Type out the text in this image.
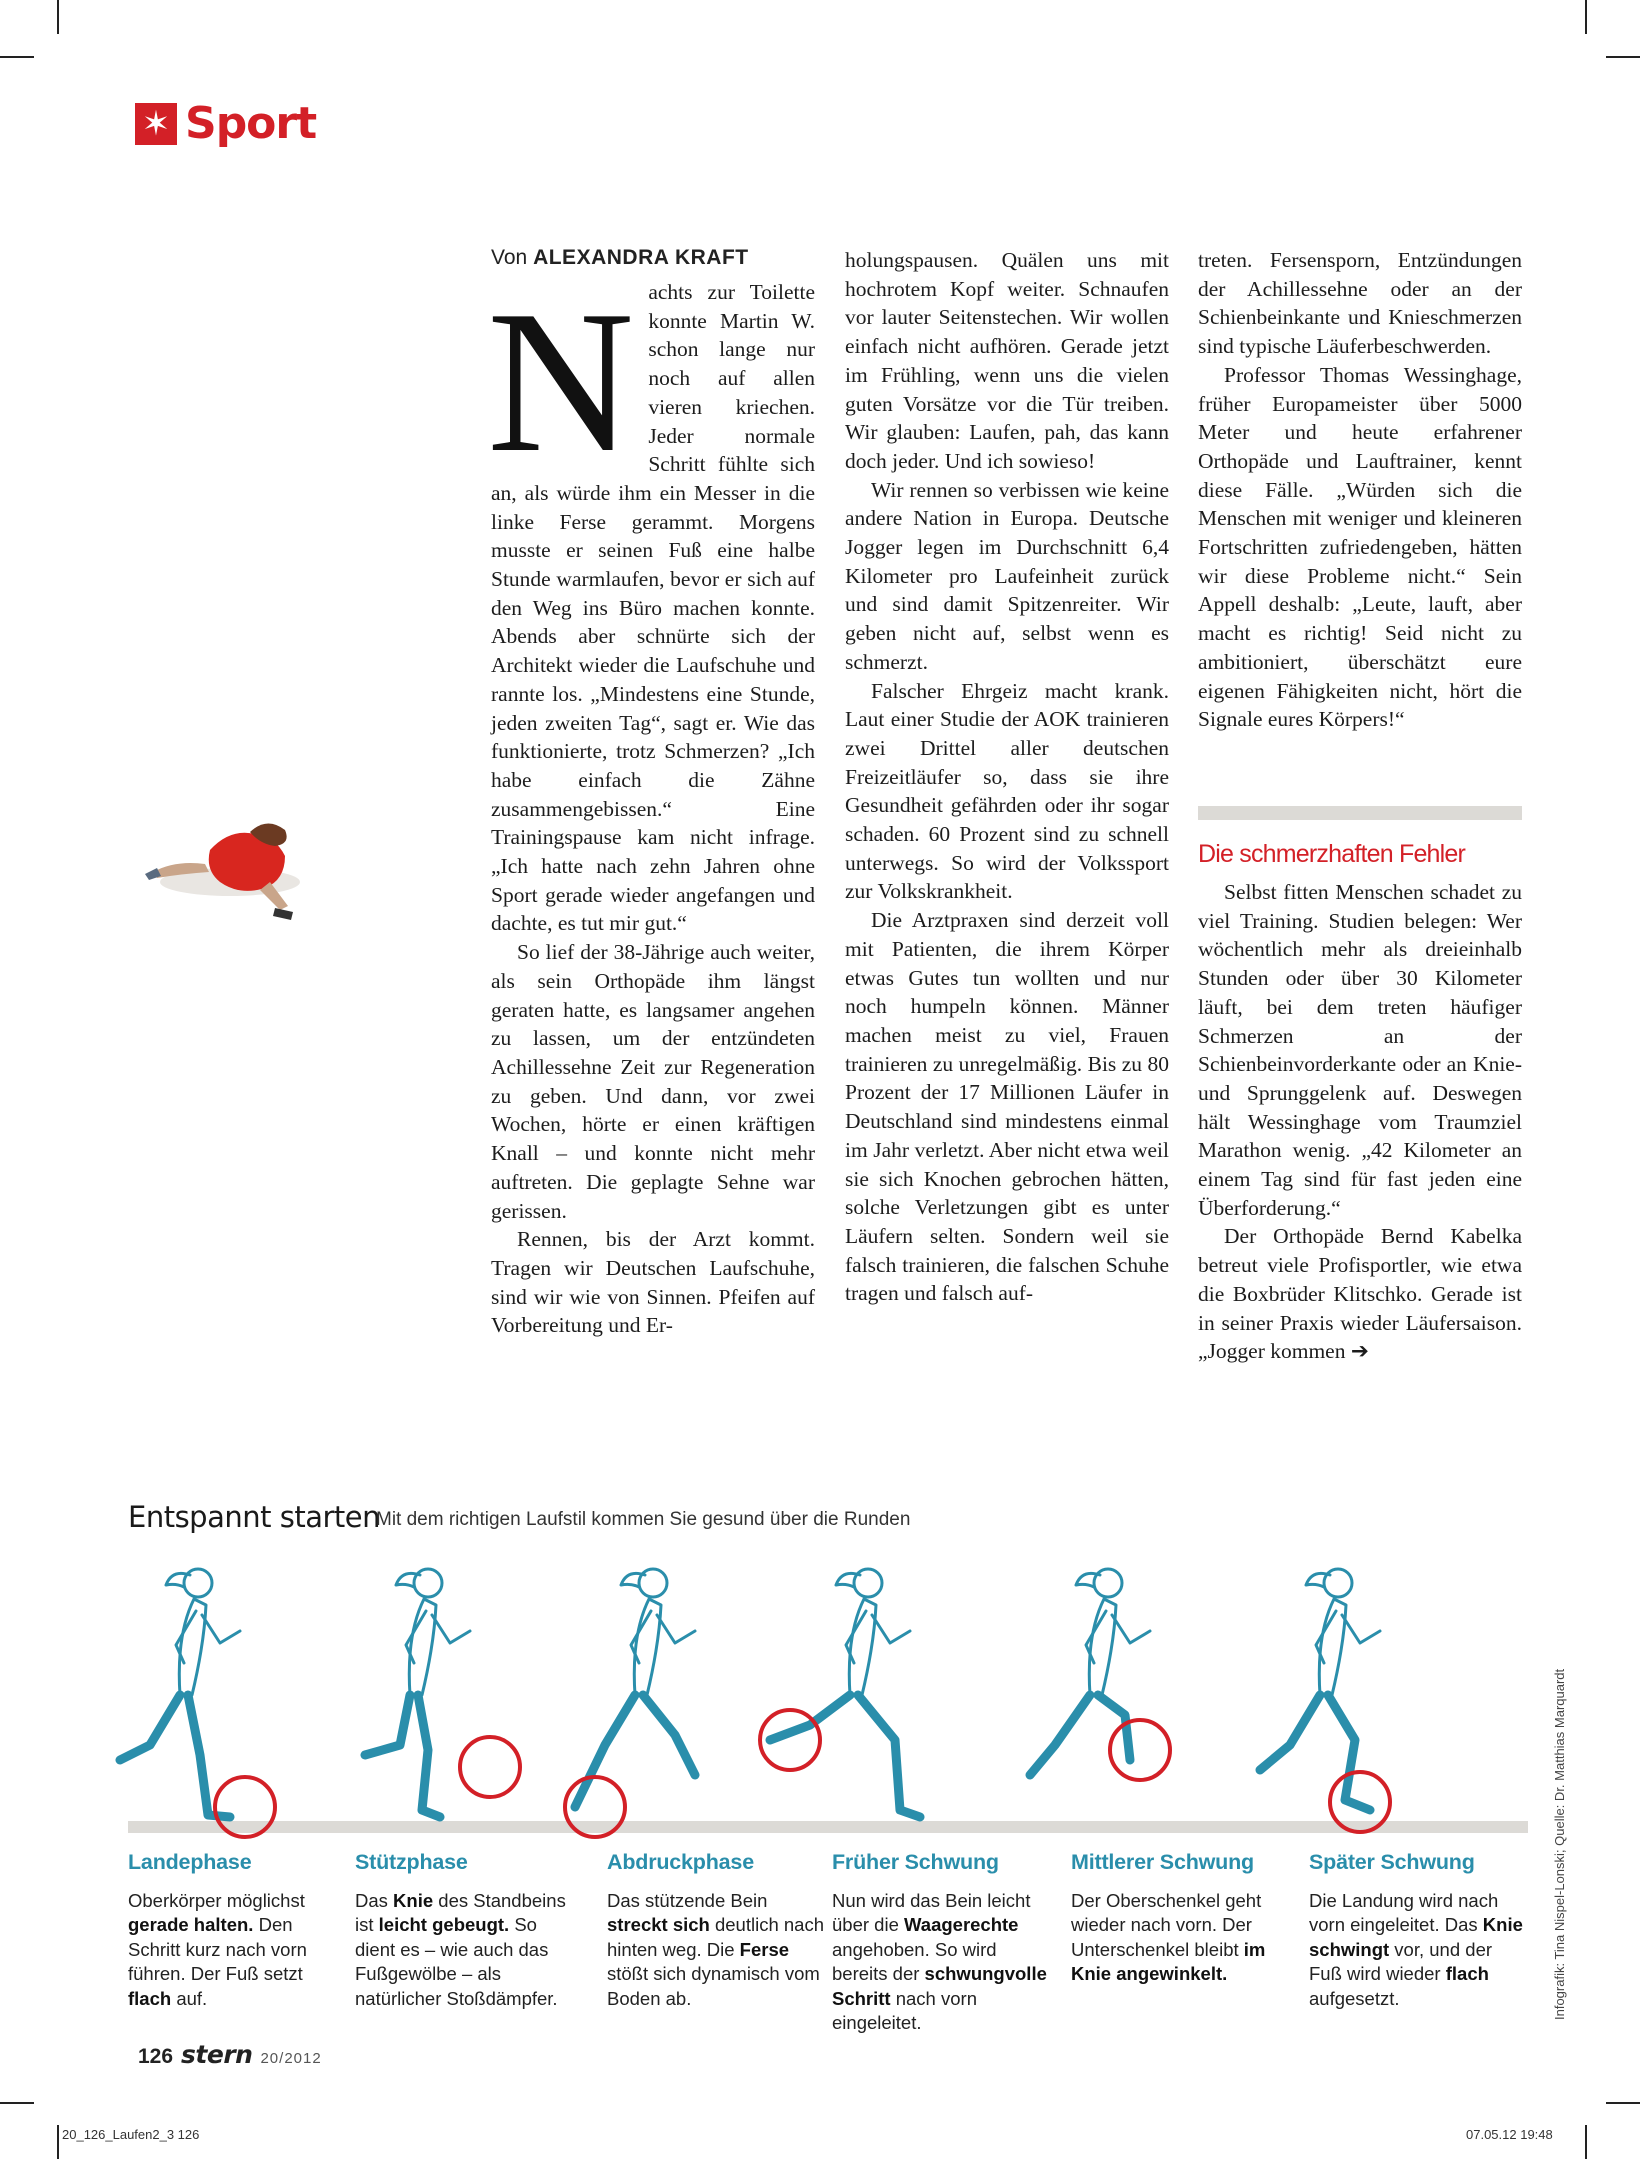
✶ Sport
Von ALEXANDRA KRAFT
N achts zur Toilette konnte Martin W. schon lange nur noch auf allen vieren kriechen. Jeder normale Schritt fühlte sich an, als würde ihm ein Messer in die linke Ferse gerammt. Morgens musste er seinen Fuß eine halbe Stunde warmlaufen, bevor er sich auf den Weg ins Büro machen konnte. Abends aber schnürte sich der Architekt wieder die Laufschuhe und rannte los. „Mindestens eine Stunde, jeden zweiten Tag“, sagt er. Wie das funktionierte, trotz Schmerzen? „Ich habe einfach die Zähne zusammengebissen.“ Eine Trainingspause kam nicht infrage. „Ich hatte nach zehn Jahren ohne Sport gerade wieder angefangen und dachte, es tut mir gut.“

So lief der 38-Jährige auch weiter, als sein Orthopäde ihm längst geraten hatte, es langsamer angehen zu lassen, um der entzündeten Achillessehne Zeit zur Regeneration zu geben. Und dann, vor zwei Wochen, hörte er einen kräftigen Knall – und konnte nicht mehr auftreten. Die geplagte Sehne war gerissen.

Rennen, bis der Arzt kommt. Tragen wir Deutschen Laufschuhe, sind wir wie von Sinnen. Pfeifen auf Vorbereitung und Er-

holungspausen. Quälen uns mit hochrotem Kopf weiter. Schnaufen vor lauter Seitenstechen. Wir wollen einfach nicht aufhören. Gerade jetzt im Frühling, wenn uns die vielen guten Vorsätze vor die Tür treiben. Wir glauben: Laufen, pah, das kann doch jeder. Und ich sowieso!

Wir rennen so verbissen wie keine andere Nation in Europa. Deutsche Jogger legen im Durchschnitt 6,4 Kilometer pro Laufeinheit zurück und sind damit Spitzenreiter. Wir geben nicht auf, selbst wenn es schmerzt.

Falscher Ehrgeiz macht krank. Laut einer Studie der AOK trainieren zwei Drittel aller deutschen Freizeitläufer so, dass sie ihre Gesundheit gefährden oder ihr sogar schaden. 60 Prozent sind zu schnell unterwegs. So wird der Volkssport zur Volkskrankheit.

Die Arztpraxen sind derzeit voll mit Patienten, die ihrem Körper etwas Gutes tun wollten und nur noch humpeln können. Männer machen meist zu viel, Frauen trainieren zu unregelmäßig. Bis zu 80 Prozent der 17 Millionen Läufer in Deutschland sind mindestens einmal im Jahr verletzt. Aber nicht etwa weil sie sich Knochen gebrochen hätten, solche Verletzungen gibt es unter Läufern selten. Sondern weil sie falsch trainieren, die falschen Schuhe tragen und falsch auf-

treten. Fersensporn, Entzündungen der Achillessehne oder an der Schienbeinkante und Knieschmerzen sind typische Läuferbeschwerden.

Professor Thomas Wessinghage, früher Europameister über 5000 Meter und heute erfahrener Orthopäde und Lauftrainer, kennt diese Fälle. „Würden sich die Menschen mit weniger und kleineren Fortschritten zufriedengeben, hätten wir diese Probleme nicht.“ Sein Appell deshalb: „Leute, lauft, aber macht es richtig! Seid nicht zu ambitioniert, überschätzt eure eigenen Fähigkeiten nicht, hört die Signale eures Körpers!“

Die schmerzhaften Fehler

Selbst fitten Menschen schadet zu viel Training. Studien belegen: Wer wöchentlich mehr als dreieinhalb Stunden oder über 30 Kilometer läuft, bei dem treten häufiger Schmerzen an der Schienbeinvorderkante oder an Knie- und Sprunggelenk auf. Deswegen hält Wessinghage vom Traumziel Marathon wenig. „42 Kilometer an einem Tag sind für fast jeden eine Überforderung.“

Der Orthopäde Bernd Kabelka betreut viele Profisportler, wie etwa die Boxbrüder Klitschko. Gerade ist in seiner Praxis wieder Läufersaison. „Jogger kommen ➔

Entspannt starten
Mit dem richtigen Laufstil kommen Sie gesund über die Runden
Landephase
Oberkörper möglichst gerade halten. Den Schritt kurz nach vorn führen. Der Fuß setzt flach auf.
Stützphase
Das Knie des Standbeins ist leicht gebeugt. So dient es – wie auch das Fußgewölbe – als natürlicher Stoßdämpfer.
Abdruckphase
Das stützende Bein streckt sich deutlich nach hinten weg. Die Ferse stößt sich dynamisch vom Boden ab.
Früher Schwung
Nun wird das Bein leicht über die Waagerechte angehoben. So wird bereits der schwungvolle Schritt nach vorn eingeleitet.
Mittlerer Schwung
Der Oberschenkel geht wieder nach vorn. Der Unterschenkel bleibt im Knie angewinkelt.
Später Schwung
Die Landung wird nach vorn eingeleitet. Das Knie schwingt vor, und der Fuß wird wieder flach aufgesetzt.	Infografik: Tina Nispel-Lonski; Quelle: Dr. Matthias Marquardt
126 stern 20/2012
20_126_Laufen2_3 126	07.05.12 19:48
